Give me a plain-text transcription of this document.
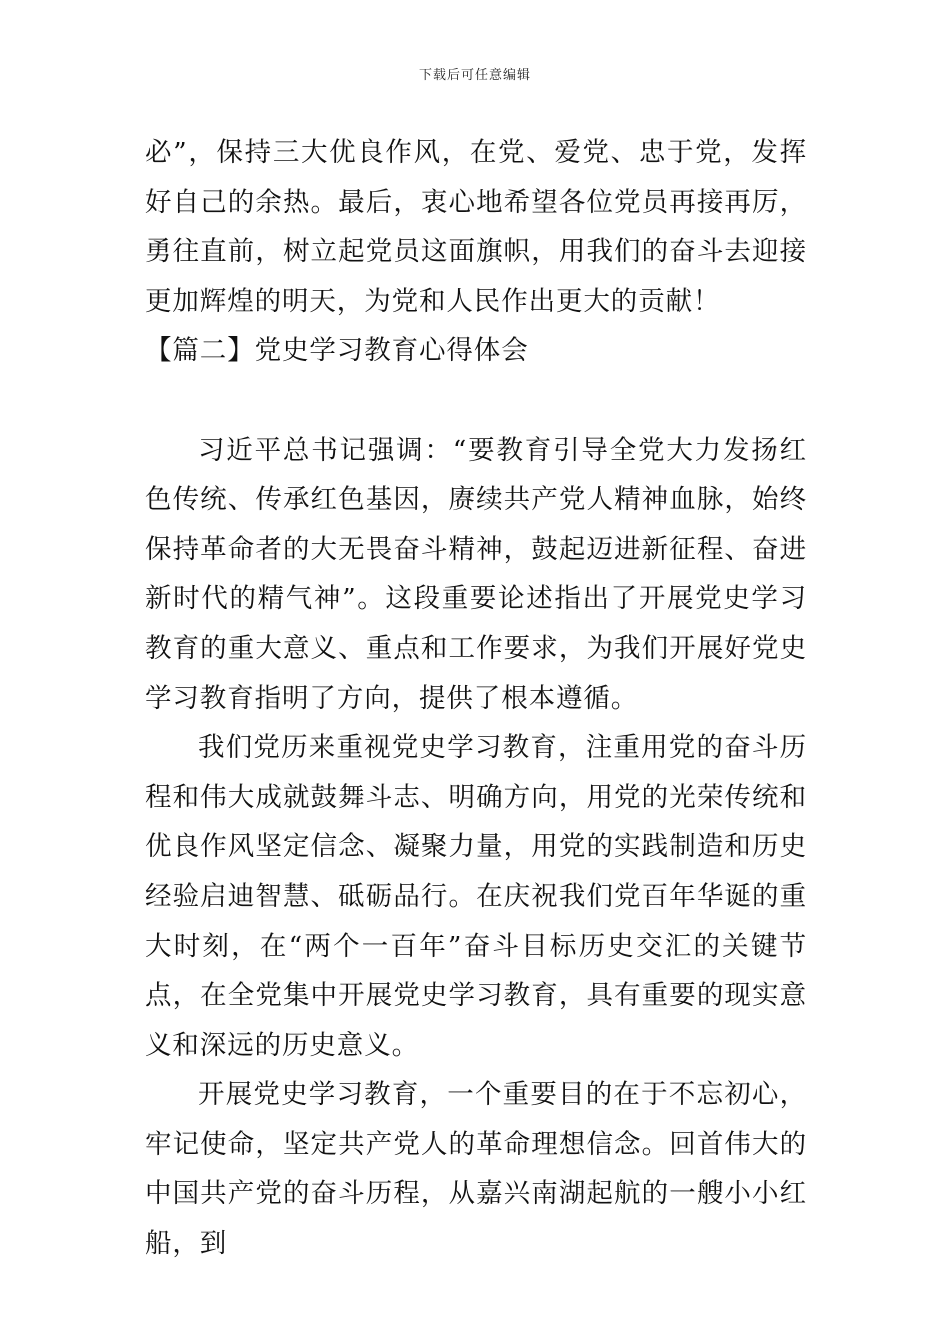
下载后可任意编辑

必”，保持三大优良作风，在党、爱党、忠于党，发挥好自己的余热。最后，衷心地希望各位党员再接再厉，勇往直前，树立起党员这面旗帜，用我们的奋斗去迎接更加辉煌的明天，为党和人民作出更大的贡献！

【篇二】党史学习教育心得体会

习近平总书记强调：“要教育引导全党大力发扬红色传统、传承红色基因，赓续共产党人精神血脉，始终保持革命者的大无畏奋斗精神，鼓起迈进新征程、奋进新时代的精气神”。这段重要论述指出了开展党史学习教育的重大意义、重点和工作要求，为我们开展好党史学习教育指明了方向，提供了根本遵循。

我们党历来重视党史学习教育，注重用党的奋斗历程和伟大成就鼓舞斗志、明确方向，用党的光荣传统和优良作风坚定信念、凝聚力量，用党的实践制造和历史经验启迪智慧、砥砺品行。在庆祝我们党百年华诞的重大时刻，在“两个一百年”奋斗目标历史交汇的关键节点，在全党集中开展党史学习教育，具有重要的现实意义和深远的历史意义。

开展党史学习教育，一个重要目的在于不忘初心，牢记使命，坚定共产党人的革命理想信念。回首伟大的中国共产党的奋斗历程，从嘉兴南湖起航的一艘小小红船，到
